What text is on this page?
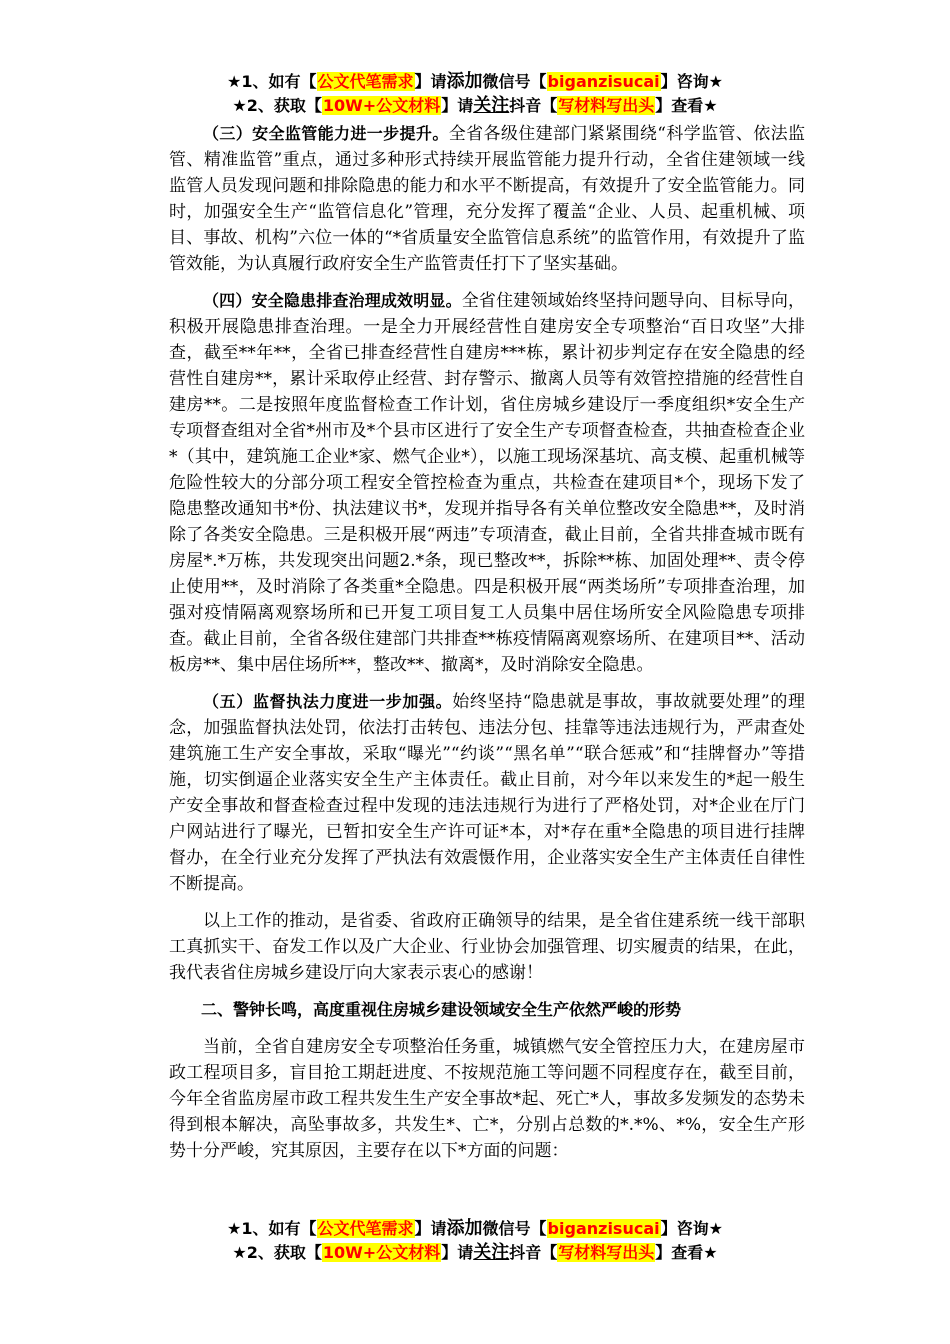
★1、如有【公文代笔需求】请添加微信号【biganzisucai】咨询★
★2、获取【10W+公文材料】请关注抖音【写材料写出头】查看★

（三）安全监管能力进一步提升。全省各级住建部门紧紧围绕“科学监管、依法监管、精准监管”重点，通过多种形式持续开展监管能力提升行动，全省住建领域一线监管人员发现问题和排除隐患的能力和水平不断提高，有效提升了安全监管能力。同时，加强安全生产“监管信息化”管理，充分发挥了覆盖“企业、人员、起重机械、项目、事故、机构”六位一体的“*省质量安全监管信息系统”的监管作用，有效提升了监管效能，为认真履行政府安全生产监管责任打下了坚实基础。

（四）安全隐患排查治理成效明显。全省住建领域始终坚持问题导向、目标导向，积极开展隐患排查治理。一是全力开展经营性自建房安全专项整治“百日攻坚”大排查，截至**年**，全省已排查经营性自建房***栋，累计初步判定存在安全隐患的经营性自建房**，累计采取停止经营、封存警示、撤离人员等有效管控措施的经营性自建房**。二是按照年度监督检查工作计划，省住房城乡建设厅一季度组织*安全生产专项督查组对全省*州市及*个县市区进行了安全生产专项督查检查，共抽查检查企业*（其中，建筑施工企业*家、燃气企业*），以施工现场深基坑、高支模、起重机械等危险性较大的分部分项工程安全管控检查为重点，共检查在建项目*个，现场下发了隐患整改通知书*份、执法建议书*，发现并指导各有关单位整改安全隐患**，及时消除了各类安全隐患。三是积极开展“两违”专项清查，截止目前，全省共排查城市既有房屋*.*万栋，共发现突出问题2.*条，现已整改**，拆除**栋、加固处理**、责令停止使用**，及时消除了各类重*全隐患。四是积极开展“两类场所”专项排查治理，加强对疫情隔离观察场所和已开复工项目复工人员集中居住场所安全风险隐患专项排查。截止目前，全省各级住建部门共排查**栋疫情隔离观察场所、在建项目**、活动板房**、集中居住场所**，整改**、撤离*，及时消除安全隐患。

（五）监督执法力度进一步加强。始终坚持“隐患就是事故，事故就要处理”的理念，加强监督执法处罚，依法打击转包、违法分包、挂靠等违法违规行为，严肃查处建筑施工生产安全事故，采取“曝光”“约谈”“黑名单”“联合惩戒”和“挂牌督办”等措施，切实倒逼企业落实安全生产主体责任。截止目前，对今年以来发生的*起一般生产安全事故和督查检查过程中发现的违法违规行为进行了严格处罚，对*企业在厅门户网站进行了曝光，已暂扣安全生产许可证*本，对*存在重*全隐患的项目进行挂牌督办，在全行业充分发挥了严执法有效震慑作用，企业落实安全生产主体责任自律性不断提高。

以上工作的推动，是省委、省政府正确领导的结果，是全省住建系统一线干部职工真抓实干、奋发工作以及广大企业、行业协会加强管理、切实履责的结果，在此，我代表省住房城乡建设厅向大家表示衷心的感谢！

二、警钟长鸣，高度重视住房城乡建设领域安全生产依然严峻的形势

当前，全省自建房安全专项整治任务重，城镇燃气安全管控压力大，在建房屋市政工程项目多，盲目抢工期赶进度、不按规范施工等问题不同程度存在，截至目前，今年全省监房屋市政工程共发生生产安全事故*起、死亡*人，事故多发频发的态势未得到根本解决，高坠事故多，共发生*、亡*，分别占总数的*.*%、*%，安全生产形势十分严峻，究其原因，主要存在以下*方面的问题：

★1、如有【公文代笔需求】请添加微信号【biganzisucai】咨询★
★2、获取【10W+公文材料】请关注抖音【写材料写出头】查看★
